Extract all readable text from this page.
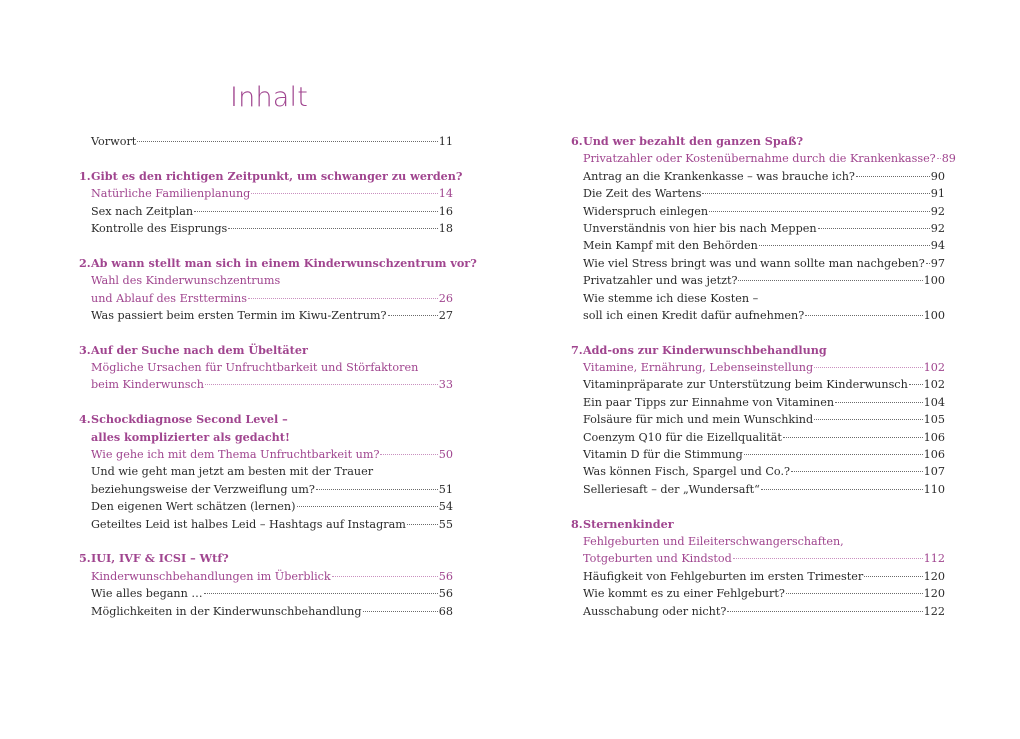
Inhalt
Vorwort	11
1. Gibt es den richtigen Zeitpunkt, um schwanger zu werden?
Natürliche Familienplanung	14
Sex nach Zeitplan	16
Kontrolle des Eisprungs	18
2. Ab wann stellt man sich in einem Kinderwunschzentrum vor?
Wahl des Kinderwunschzentrums
und Ablauf des Ersttermins	26
Was passiert beim ersten Termin im Kiwu-Zentrum?	27
3. Auf der Suche nach dem Übeltäter
Mögliche Ursachen für Unfruchtbarkeit und Störfaktoren
beim Kinderwunsch	33
4. Schockdiagnose Second Level –
alles komplizierter als gedacht!
Wie gehe ich mit dem Thema Unfruchtbarkeit um?	50
Und wie geht man jetzt am besten mit der Trauer
beziehungsweise der Verzweiflung um?	51
Den eigenen Wert schätzen (lernen)	54
Geteiltes Leid ist halbes Leid – Hashtags auf Instagram	55
5. IUI, IVF & ICSI – Wtf?
Kinderwunschbehandlungen im Überblick	56
Wie alles begann …	56
Möglichkeiten in der Kinderwunschbehandlung	68
6. Und wer bezahlt den ganzen Spaß?
Privatzahler oder Kostenübernahme durch die Krankenkasse? 89
Antrag an die Krankenkasse – was brauche ich?	90
Die Zeit des Wartens	91
Widerspruch einlegen	92
Unverständnis von hier bis nach Meppen	92
Mein Kampf mit den Behörden	94
Wie viel Stress bringt was und wann sollte man nachgeben? 97
Privatzahler und was jetzt?	100
Wie stemme ich diese Kosten –
soll ich einen Kredit dafür aufnehmen?	100
7. Add-ons zur Kinderwunschbehandlung
Vitamine, Ernährung, Lebenseinstellung	102
Vitaminpräparate zur Unterstützung beim Kinderwunsch 102
Ein paar Tipps zur Einnahme von Vitaminen	104
Folsäure für mich und mein Wunschkind	105
Coenzym Q10 für die Eizellqualität	106
Vitamin D für die Stimmung	106
Was können Fisch, Spargel und Co.?	107
Selleriesaft – der „Wundersaft“	110
8. Sternenkinder
Fehlgeburten und Eileiterschwangerschaften,
Totgeburten und Kindstod	112
Häufigkeit von Fehlgeburten im ersten Trimester	120
Wie kommt es zu einer Fehlgeburt?	120
Ausschabung oder nicht?	122
